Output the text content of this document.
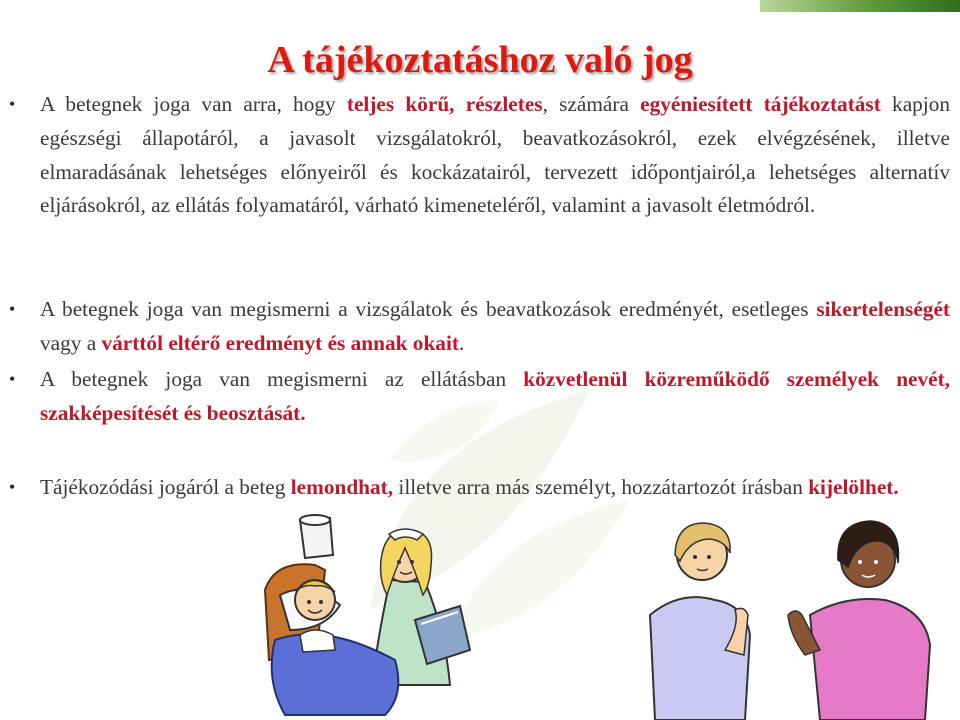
A tájékoztatáshoz való jog
• A betegnek joga van arra, hogy teljes körű, részletes, számára egyéniesített tájékoztatást kapjon egészségi állapotáról, a javasolt vizsgálatokról, beavatkozásokról, ezek elvégzésének, illetve elmaradásának lehetséges előnyeiről és kockázatairól, tervezett időpontjairól,a lehetséges alternatív eljárásokról, az ellátás folyamatáról, várható kimeneteléről, valamint a javasolt életmódról.
• A betegnek joga van megismerni a vizsgálatok és beavatkozások eredményét, esetleges sikertelenségét vagy a várttól eltérő eredményt és annak okait.
• A betegnek joga van megismerni az ellátásban közvetlenül közreműködő személyek nevét, szakképesítését és beosztását.
• Tájékozódási jogáról a beteg lemondhat, illetve arra más személyt, hozzátartozót írásban kijelölhet.
